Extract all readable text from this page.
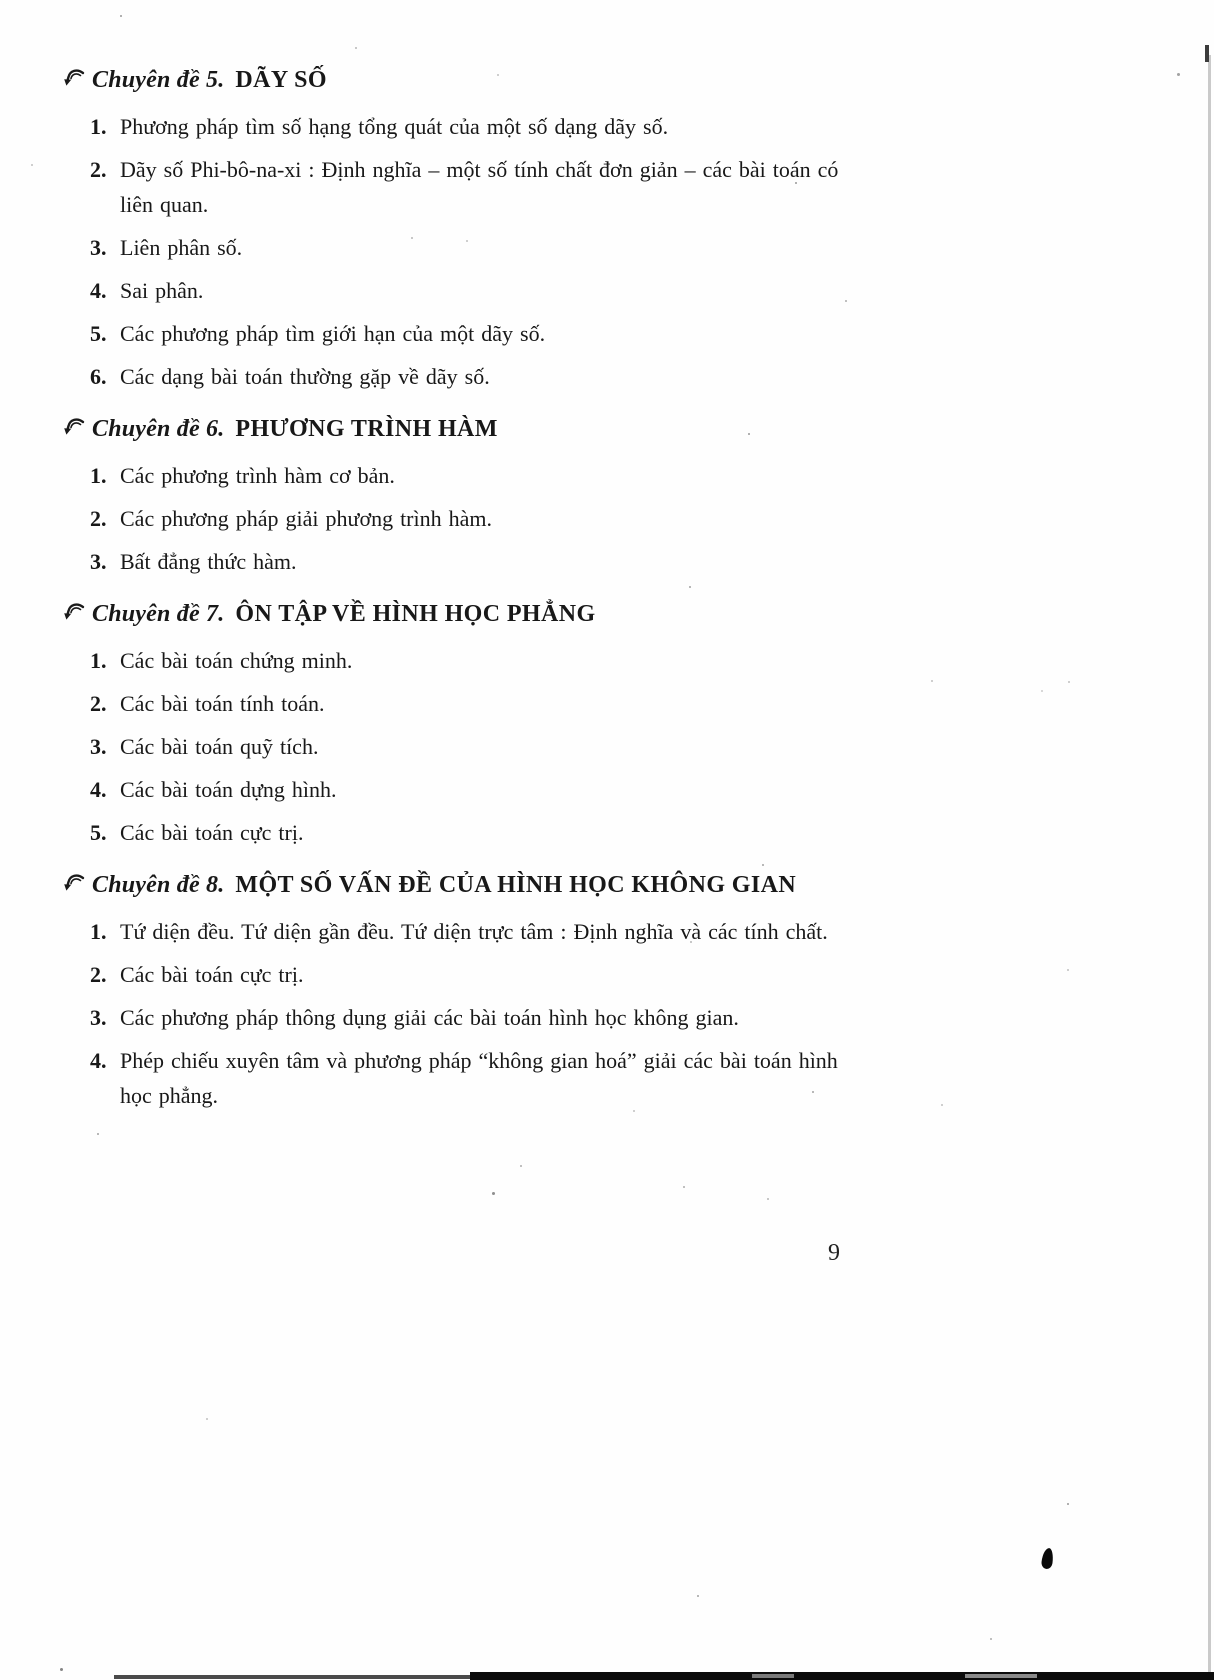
Chuyên đề 5. DÃY SỐ
1. Phương pháp tìm số hạng tổng quát của một số dạng dãy số.
2. Dãy số Phi-bô-na-xi : Định nghĩa – một số tính chất đơn giản – các bài toán có liên quan.
3. Liên phân số.
4. Sai phân.
5. Các phương pháp tìm giới hạn của một dãy số.
6. Các dạng bài toán thường gặp về dãy số.
Chuyên đề 6. PHƯƠNG TRÌNH HÀM
1. Các phương trình hàm cơ bản.
2. Các phương pháp giải phương trình hàm.
3. Bất đẳng thức hàm.
Chuyên đề 7. ÔN TẬP VỀ HÌNH HỌC PHẲNG
1. Các bài toán chứng minh.
2. Các bài toán tính toán.
3. Các bài toán quỹ tích.
4. Các bài toán dựng hình.
5. Các bài toán cực trị.
Chuyên đề 8. MỘT SỐ VẤN ĐỀ CỦA HÌNH HỌC KHÔNG GIAN
1. Tứ diện đều. Tứ diện gần đều. Tứ diện trực tâm : Định nghĩa và các tính chất.
2. Các bài toán cực trị.
3. Các phương pháp thông dụng giải các bài toán hình học không gian.
4. Phép chiếu xuyên tâm và phương pháp “không gian hoá” giải các bài toán hình học phẳng.
9
